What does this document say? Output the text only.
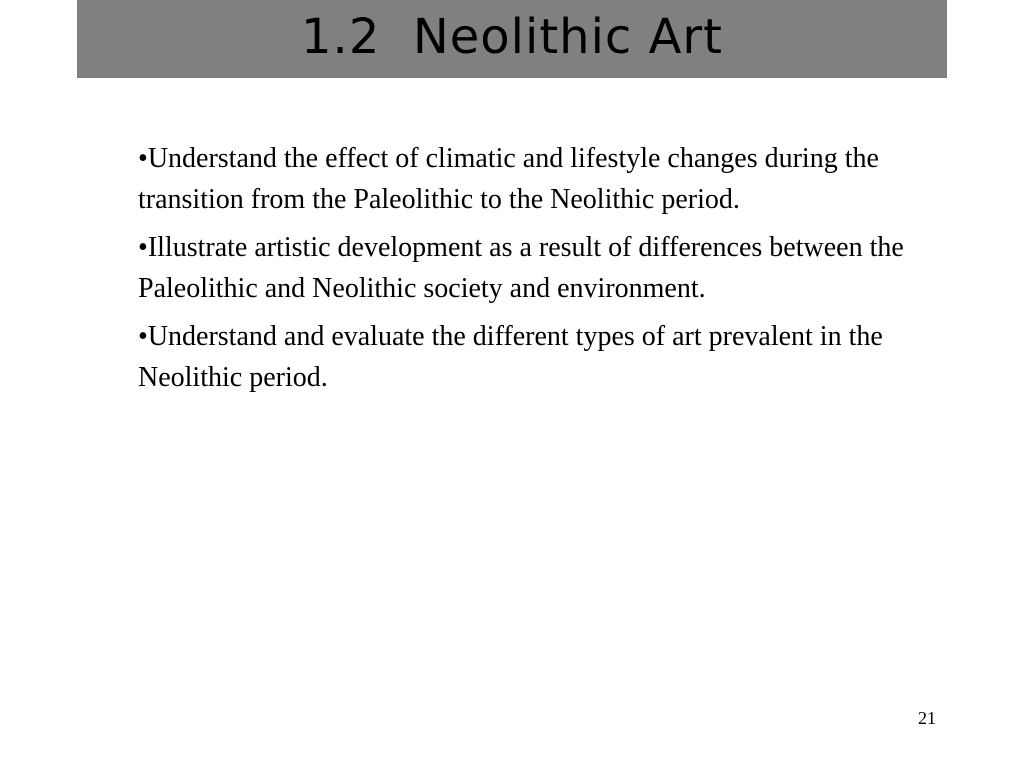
1.2  Neolithic Art
•Understand the effect of climatic and lifestyle changes during the transition from the Paleolithic to the Neolithic period.
•Illustrate artistic development as a result of differences between the Paleolithic and Neolithic society and environment.
•Understand and evaluate the different types of art prevalent in the Neolithic period.
21
